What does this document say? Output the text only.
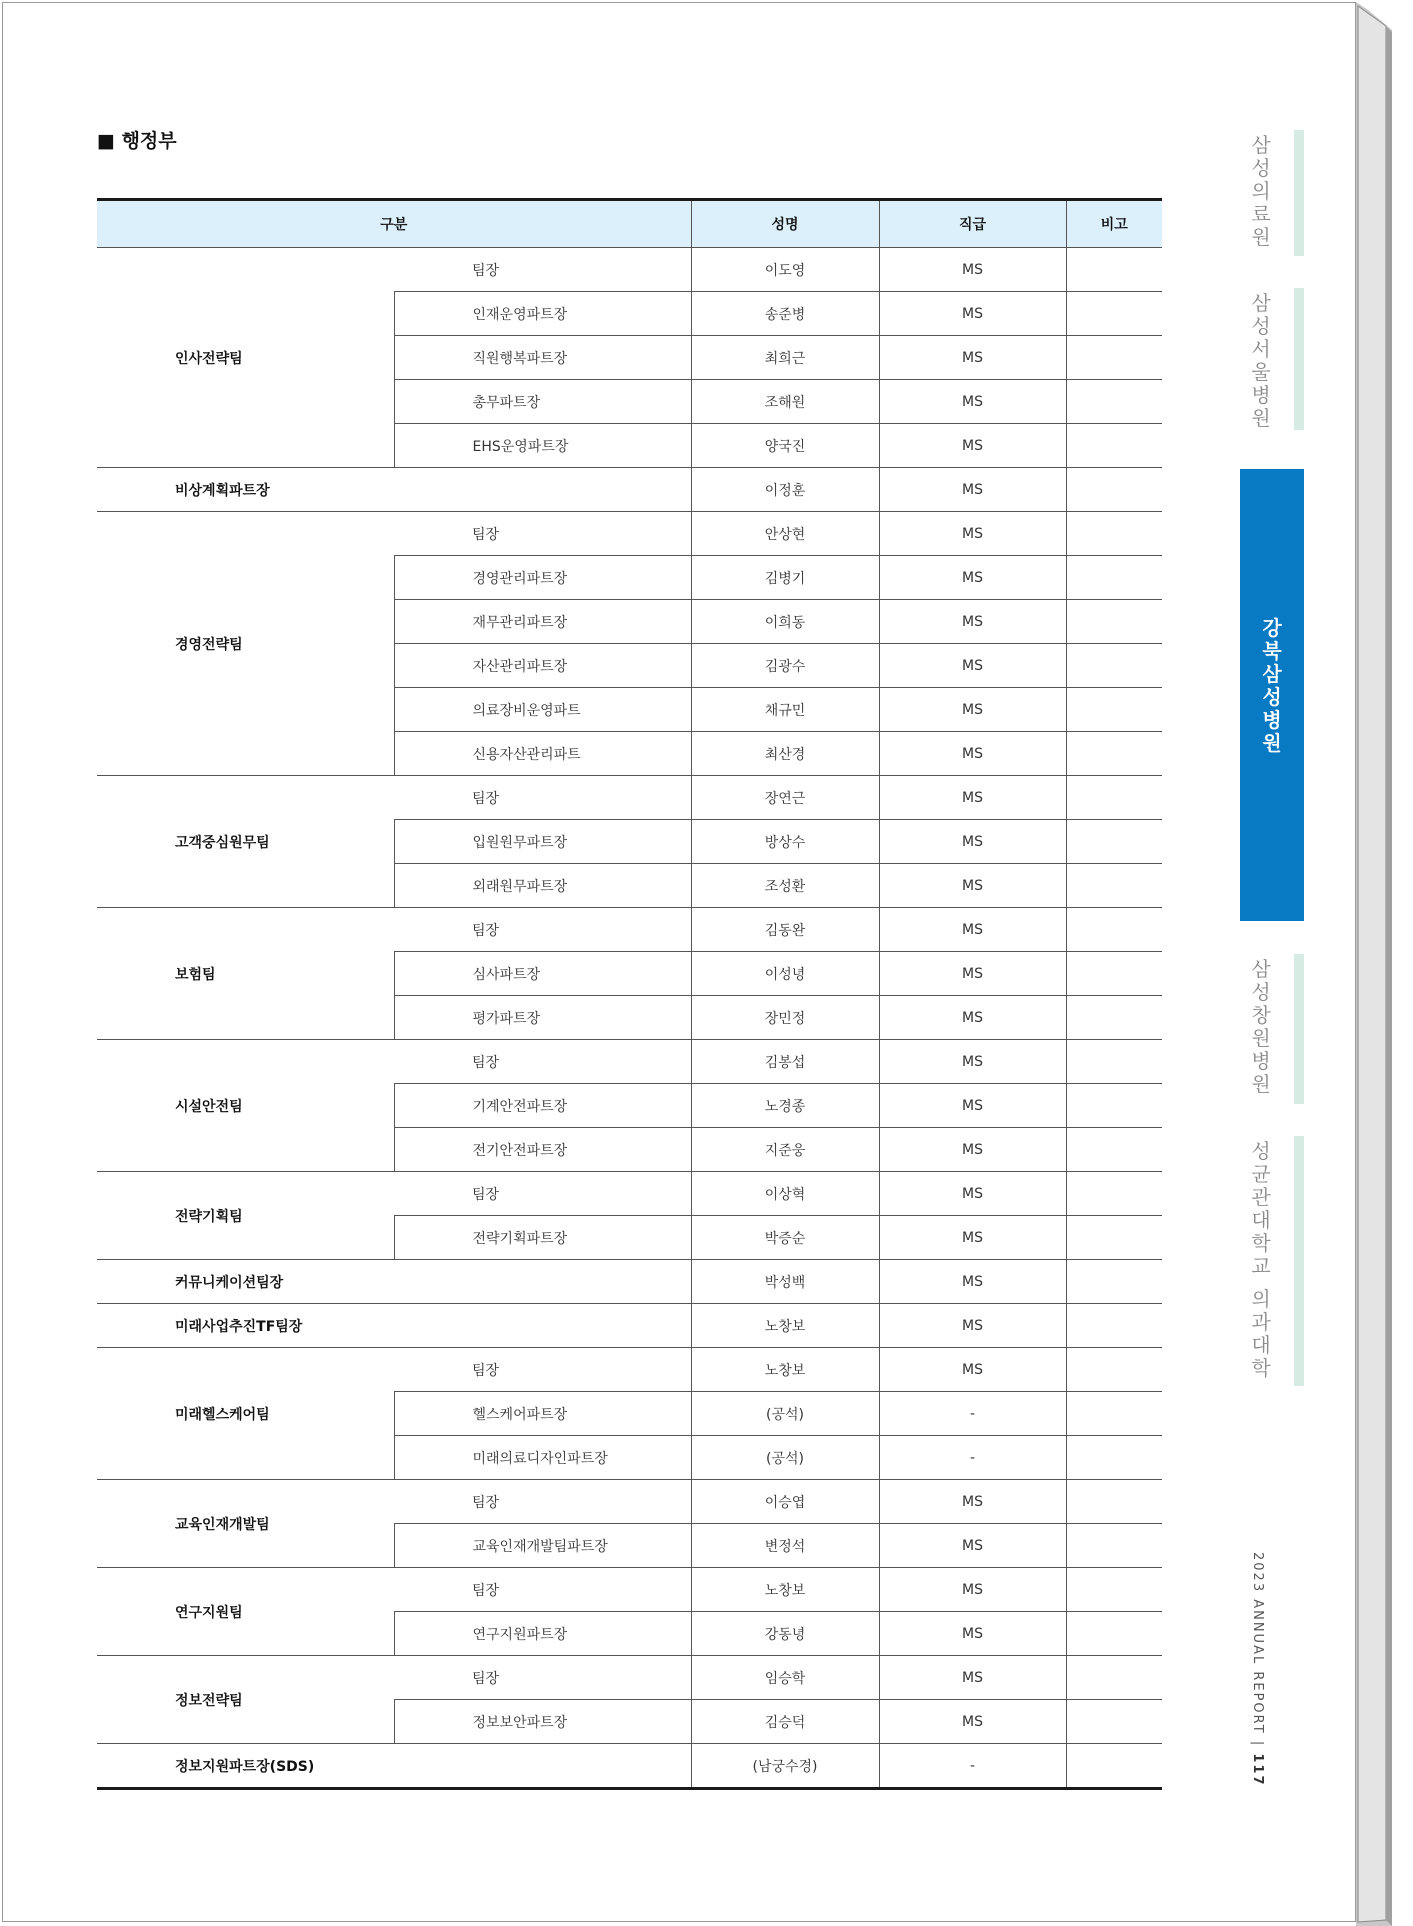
■ 행정부
구분		성명	직급	비고
인사전략팀	팀장	이도영	MS	
	인재운영파트장	송준병	MS	
	직원행복파트장	최희근	MS	
	총무파트장	조해원	MS	
	EHS운영파트장	양국진	MS	
비상계획파트장		이정훈	MS	
경영전략팀	팀장	안상현	MS	
	경영관리파트장	김병기	MS	
	재무관리파트장	이희동	MS	
	자산관리파트장	김광수	MS	
	의료장비운영파트	채규민	MS	
	신용자산관리파트	최산경	MS	
고객중심원무팀	팀장	장연근	MS	
	입원원무파트장	방상수	MS	
	외래원무파트장	조성환	MS	
보험팀	팀장	김동완	MS	
	심사파트장	이성녕	MS	
	평가파트장	장민정	MS	
시설안전팀	팀장	김봉섭	MS	
	기계안전파트장	노경종	MS	
	전기안전파트장	지준웅	MS	
전략기획팀	팀장	이상혁	MS	
	전략기획파트장	박증순	MS	
커뮤니케이션팀장		박성백	MS	
미래사업추진TF팀장		노창보	MS	
미래헬스케어팀	팀장	노창보	MS	
	헬스케어파트장	(공석)	-	
	미래의료디자인파트장	(공석)	-	
교육인재개발팀	팀장	이승엽	MS	
	교육인재개발팀파트장	변정석	MS	
연구지원팀	팀장	노창보	MS	
	연구지원파트장	강동녕	MS	
정보전략팀	팀장	임승학	MS	
	정보보안파트장	김승덕	MS	
정보지원파트장(SDS)		(남궁수경)	-	
삼
성
의
료
원
삼
성
서
울
병
원
강
북
삼
성
병
원
삼
성
창
원
병
원
성
균
관
대
학
교

의
과
대
학
2023 ANNUAL REPORT | 117
